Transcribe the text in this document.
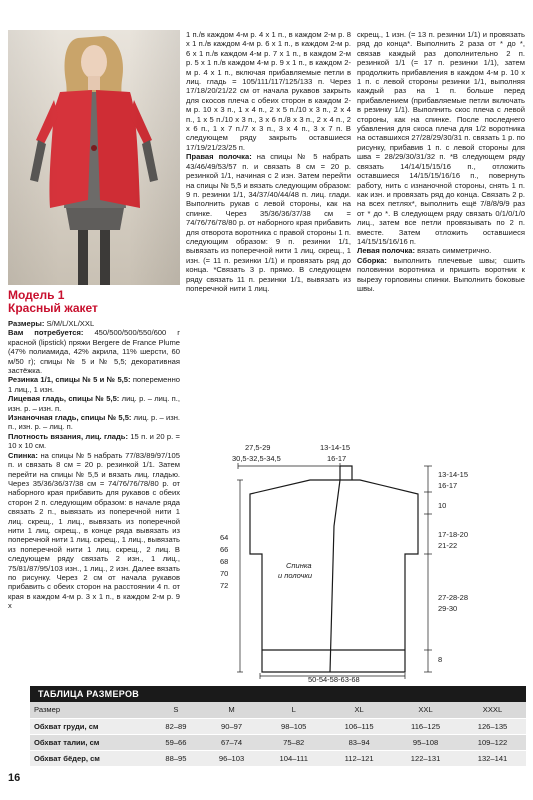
Модель 1
Красный жакет

Размеры: S/M/L/XL/XXL

Вам потребуется: 450/500/500/550/600 г красной (lipstick) пряжи Bergere de France Plume (47% полиамида, 42% акрила, 11% шерсти, 60 м/50 г); спицы № 5 и № 5,5; декоративная застёжка.

Резинка 1/1, спицы № 5 и № 5,5: попеременно 1 лиц., 1 изн.

Лицевая гладь, спицы № 5,5: лиц. р. – лиц. п., изн. р. – изн. п.

Изнаночная гладь, спицы № 5,5: лиц. р. – изн. п., изн. р. – лиц. п.

Плотность вязания, лиц. гладь: 15 п. и 20 р. = 10 х 10 см.

Спинка: на спицы № 5 набрать 77/83/89/97/105 п. и связать 8 см = 20 р. резинкой 1/1. Затем перейти на спицы № 5,5 и вязать лиц. гладью. Через 35/36/36/37/38 см = 74/76/76/78/80 р. от наборного края прибавить для рукавов с обеих сторон 2 п. следующим образом: в начале ряда связать 2 п., вывязать из поперечной нити 1 лиц. скрещ., 1 лиц., вывязать из поперечной нити 1 лиц. скрещ., в конце ряда вывязать из поперечной нити 1 лиц. скрещ., 1 лиц., вывязать из поперечной нити 1 лиц. скрещ., 2 лиц. В следующем ряду связать 2 изн., 1 лиц., 75/81/87/95/103 изн., 1 лиц., 2 изн. Далее вязать по рисунку. Через 2 см от начала рукавов прибавить с обеих сторон на расстоянии 4 п. от края в каждом 4-м р. 3 х 1 п., в каждом 2-м р. 9 х

1 п./в каждом 4-м р. 4 х 1 п., в каждом 2-м р. 8 х 1 п./в каждом 4-м р. 6 х 1 п., в каждом 2-м р. 6 х 1 п./в каждом 4-м р. 7 х 1 п., в каждом 2-м р. 5 х 1 п./в каждом 4-м р. 9 х 1 п., в каждом 2-м р. 4 х 1 п., включая прибавляемые петли в лиц. гладь = 105/111/117/125/133 п. Через 17/18/20/21/22 см от начала рукавов закрыть для скосов плеча с обеих сторон в каждом 2-м р. 10 х 3 п., 1 х 4 п., 2 х 5 п./10 х 3 п., 2 х 4 п., 1 х 5 п./10 х 3 п., 3 х 6 п./8 х 3 п., 2 х 4 п., 2 х 6 п., 1 х 7 п./7 х 3 п., 3 х 4 п., 3 х 7 п. В следующем ряду закрыть оставшиеся 17/19/21/23/25 п.

Правая полочка: на спицы № 5 набрать 43/46/49/53/57 п. и связать 8 см = 20 р. резинкой 1/1, начиная с 2 изн. Затем перейти на спицы № 5,5 и вязать следующим образом: 9 п. резинки 1/1, 34/37/40/44/48 п. лиц. глади. Выполнить рукав с левой стороны, как на спинке. Через 35/36/36/37/38 см = 74/76/76/78/80 р. от наборного края прибавить для отворота воротника с правой стороны 1 п. следующим образом: 9 п. резинки 1/1, вывязать из поперечной нити 1 лиц. скрещ., 1 изн. (= 11 п. резинки 1/1) и провязать ряд до конца. *Связать 3 р. прямо. В следующем ряду связать 11 п. резинки 1/1, вывязать из поперечной нити 1 лиц.

скрещ., 1 изн. (= 13 п. резинки 1/1) и провязать ряд до конца*. Выполнить 2 раза от * до *, связав каждый раз дополнительно 2 п. резинкой 1/1 (= 17 п. резинки 1/1), затем продолжить прибавления в каждом 4-м р. 10 х 1 п. с левой стороны резинки 1/1, выполняя каждый раз на 1 п. больше перед прибавлением (прибавляемые петли включать в резинку 1/1). Выполнить скос плеча с левой стороны, как на спинке. После последнего убавления для скоса плеча для 1/2 воротника на оставшихся 27/28/29/30/31 п. связать 1 р. по рисунку, прибавив 1 п. с левой стороны для шва = 28/29/30/31/32 п. *В следующем ряду связать 14/14/15/15/16 п., отложить оставшиеся 14/15/15/16/16 п., повернуть работу, нить с изнаночной стороны, снять 1 п. как изн. и провязать ряд до конца. Связать 2 р. на всех петлях*, выполнить ещё 7/8/8/9/9 раз от * до *. В следующем ряду связать 0/1/0/1/0 лиц., затем все петли провязывать по 2 п. вместе. Затем отложить оставшиеся 14/15/15/16/16 п.

Левая полочка: вязать симметрично.

Сборка: выполнить плечевые швы; сшить половинки воротника и пришить воротник к вырезу горловины спинки. Выполнить боковые швы.

27,5-29
30,5-32,5-34,5
13-14-15
16-17
13-14-15
16-17
10
17-18-20
21-22
27-28-28
29-30
8
64
66
68
70
72
Спинка
и полочки
50-54-58-63-68
ТАБЛИЦА РАЗМЕРОВ
Размер	S	M	L	XL	XXL	XXXL
Обхват груди, см	82–89	90–97	98–105	106–115	116–125	126–135
Обхват талии, см	59–66	67–74	75–82	83–94	95–108	109–122
Обхват бёдер, см	88–95	96–103	104–111	112–121	122–131	132–141
16
